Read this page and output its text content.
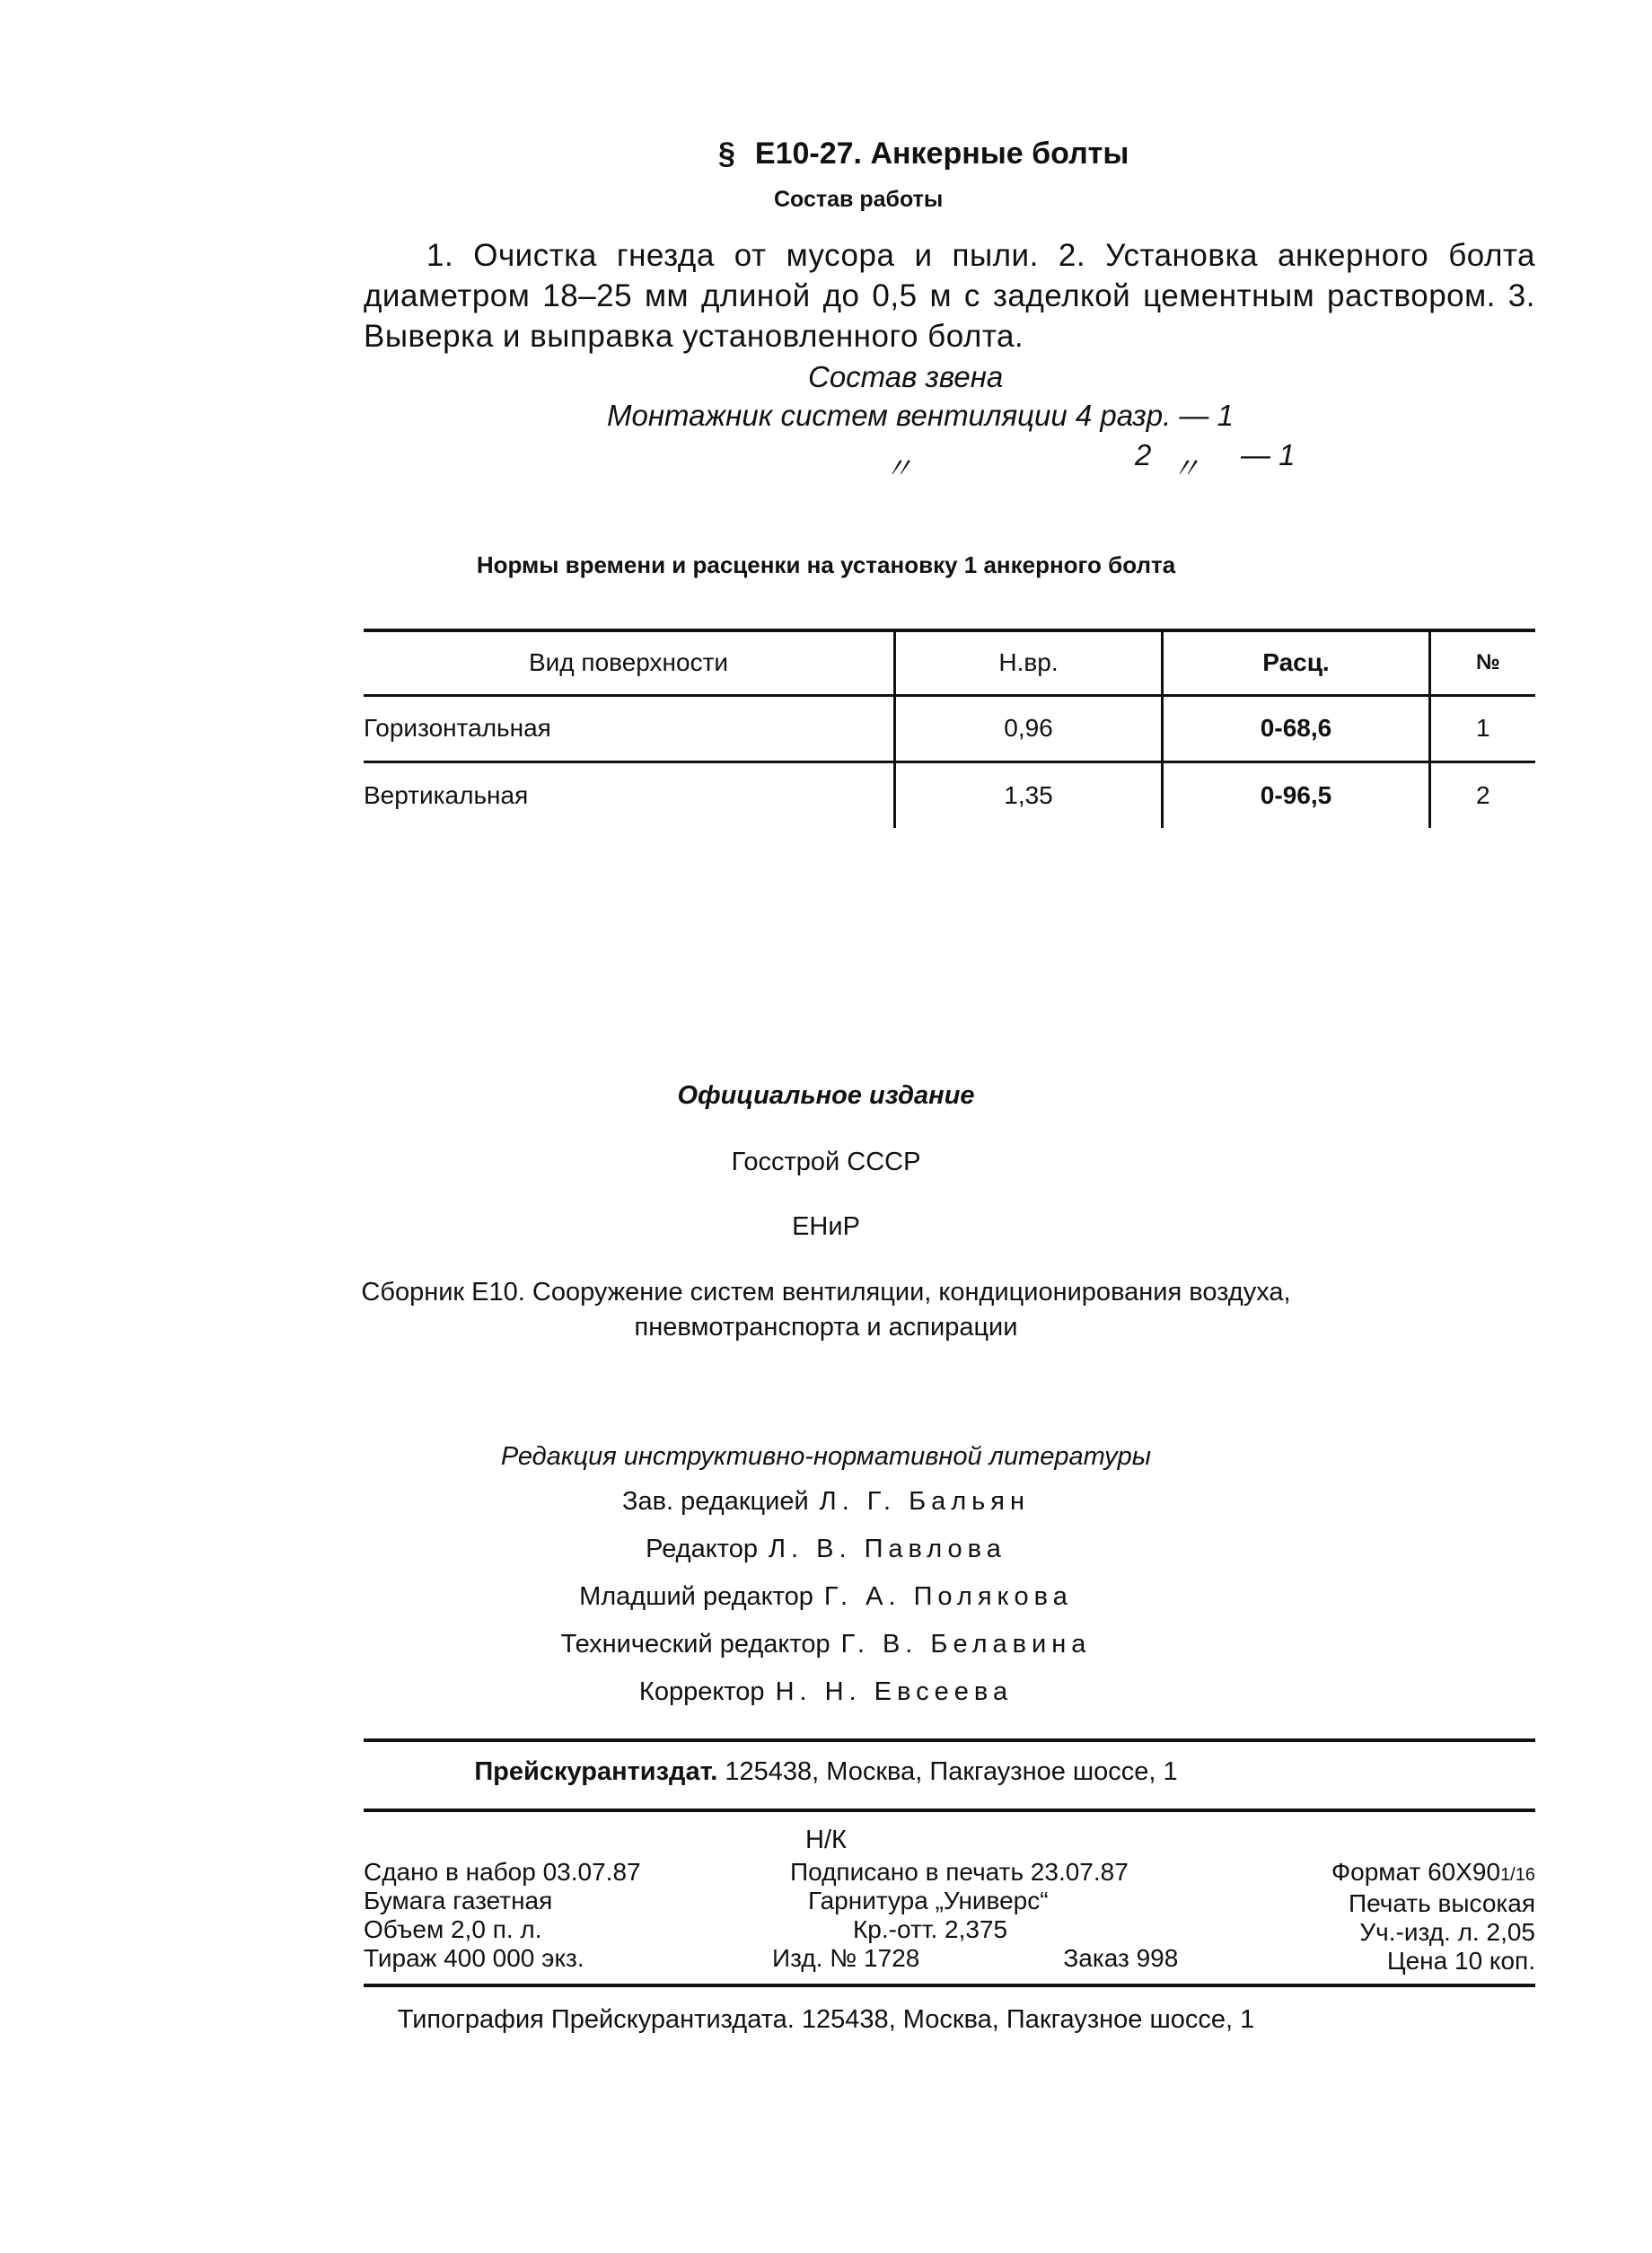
§ Е10-27. Анкерные болты
Состав работы
1. Очистка гнезда от мусора и пыли. 2. Установка анкерного болта диаметром 18–25 мм длиной до 0,5 м с заделкой цементным раствором. 3. Выверка и выправка установленного болта.
Состав звена
Монтажник систем вентиляции 4 разр. — 1
〃	2 〃 — 1
Нормы времени и расценки на установку 1 анкерного болта
Вид поверхности	Н.вр.	Расц.	№
Горизонтальная	0,96	0-68,6	1
Вертикальная	1,35	0-96,5	2
Официальное издание
Госстрой СССР
ЕНиР
Сборник Е10. Сооружение систем вентиляции, кондиционирования воздуха,
пневмотранспорта и аспирации
Редакция инструктивно-нормативной литературы
Зав. редакцией Л. Г. Бальян
Редактор Л. В. Павлова
Младший редактор Г. А. Полякова
Технический редактор Г. В. Белавина
Корректор Н. Н. Евсеева
Прейскурантиздат. 125438, Москва, Пакгаузное шоссе, 1
Н/К
Сдано в набор 03.07.87
Бумага газетная
Объем 2,0 п. л.
Тираж 400 000 экз.
Подписано в печать 23.07.87
Гарнитура „Универс“
Кр.-отт. 2,375
Изд. № 1728	Заказ 998
Формат 60Х901/16
Печать высокая
Уч.-изд. л. 2,05
Цена 10 коп.
Типография Прейскурантиздата. 125438, Москва, Пакгаузное шоссе, 1
